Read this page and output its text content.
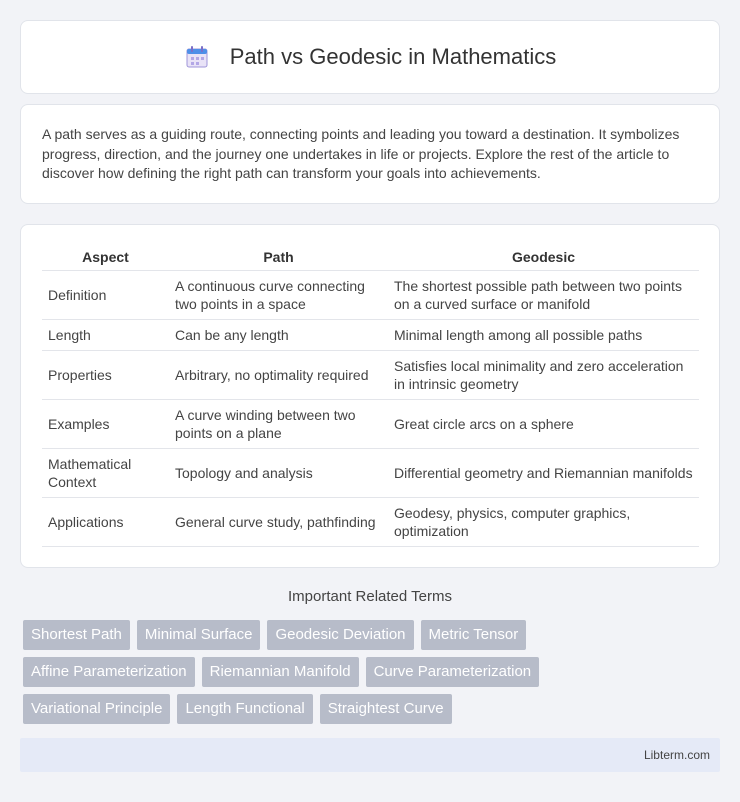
Path vs Geodesic in Mathematics

A path serves as a guiding route, connecting points and leading you toward a destination. It symbolizes progress, direction, and the journey one undertakes in life or projects. Explore the rest of the article to discover how defining the right path can transform your goals into achievements.

Aspect	Path	Geodesic
Definition	A continuous curve connecting two points in a space	The shortest possible path between two points on a curved surface or manifold
Length	Can be any length	Minimal length among all possible paths
Properties	Arbitrary, no optimality required	Satisfies local minimality and zero acceleration in intrinsic geometry
Examples	A curve winding between two points on a plane	Great circle arcs on a sphere
Mathematical Context	Topology and analysis	Differential geometry and Riemannian manifolds
Applications	General curve study, pathfinding	Geodesy, physics, computer graphics, optimization
Important Related Terms
Shortest Path	Minimal Surface	Geodesic Deviation	Metric Tensor
Affine Parameterization	Riemannian Manifold	Curve Parameterization
Variational Principle	Length Functional	Straightest Curve
Libterm.com
